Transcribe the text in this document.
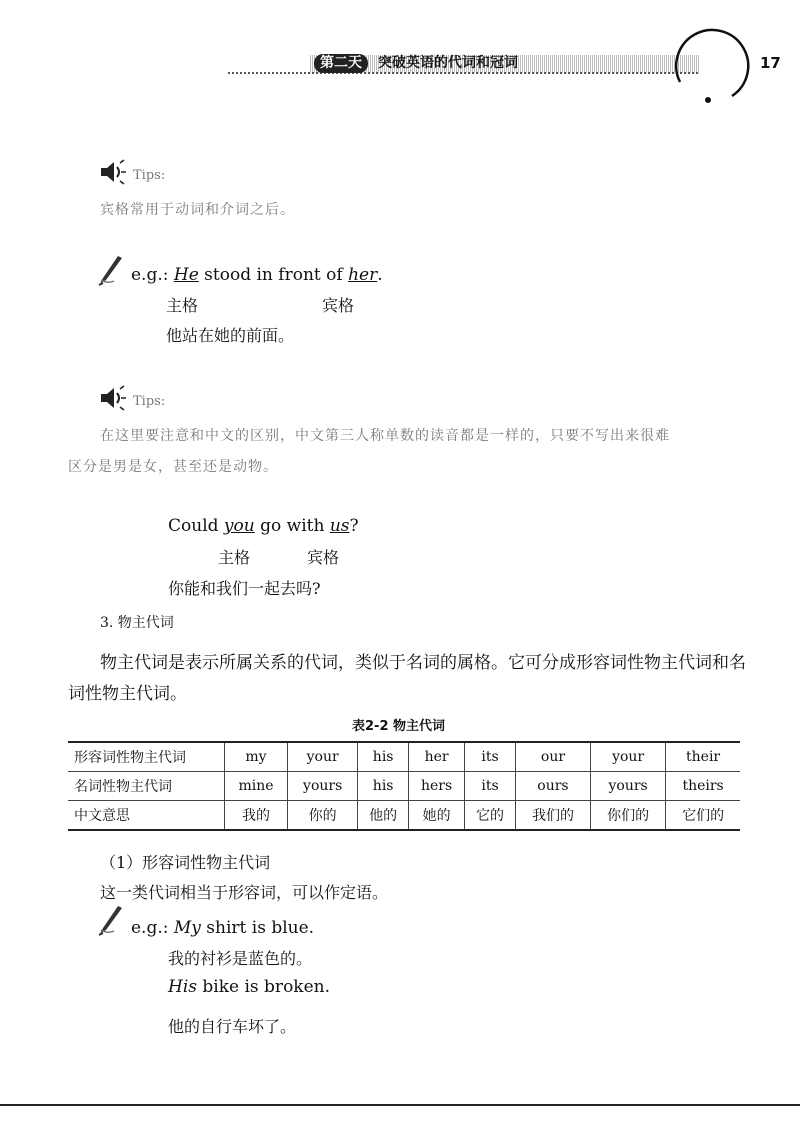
第二天	突破英语的代词和冠词	17
Tips:
宾格常用于动词和介词之后。
e.g.: He stood in front of her.
主格	宾格
他站在她的前面。
Tips:
在这里要注意和中文的区别，中文第三人称单数的读音都是一样的，只要不写出来很难
区分是男是女，甚至还是动物。
Could you go with us?
主格	宾格
你能和我们一起去吗?
3. 物主代词
物主代词是表示所属关系的代词，类似于名词的属格。它可分成形容词性物主代词和名
词性物主代词。
表2-2 物主代词
形容词性物主代词	my	your	his	her	its	our	your	their
名词性物主代词	mine	yours	his	hers	its	ours	yours	theirs
中文意思	我的	你的	他的	她的	它的	我们的	你们的	它们的
（1）形容词性物主代词
这一类代词相当于形容词，可以作定语。
e.g.: My shirt is blue.
我的衬衫是蓝色的。
His bike is broken.
他的自行车坏了。
